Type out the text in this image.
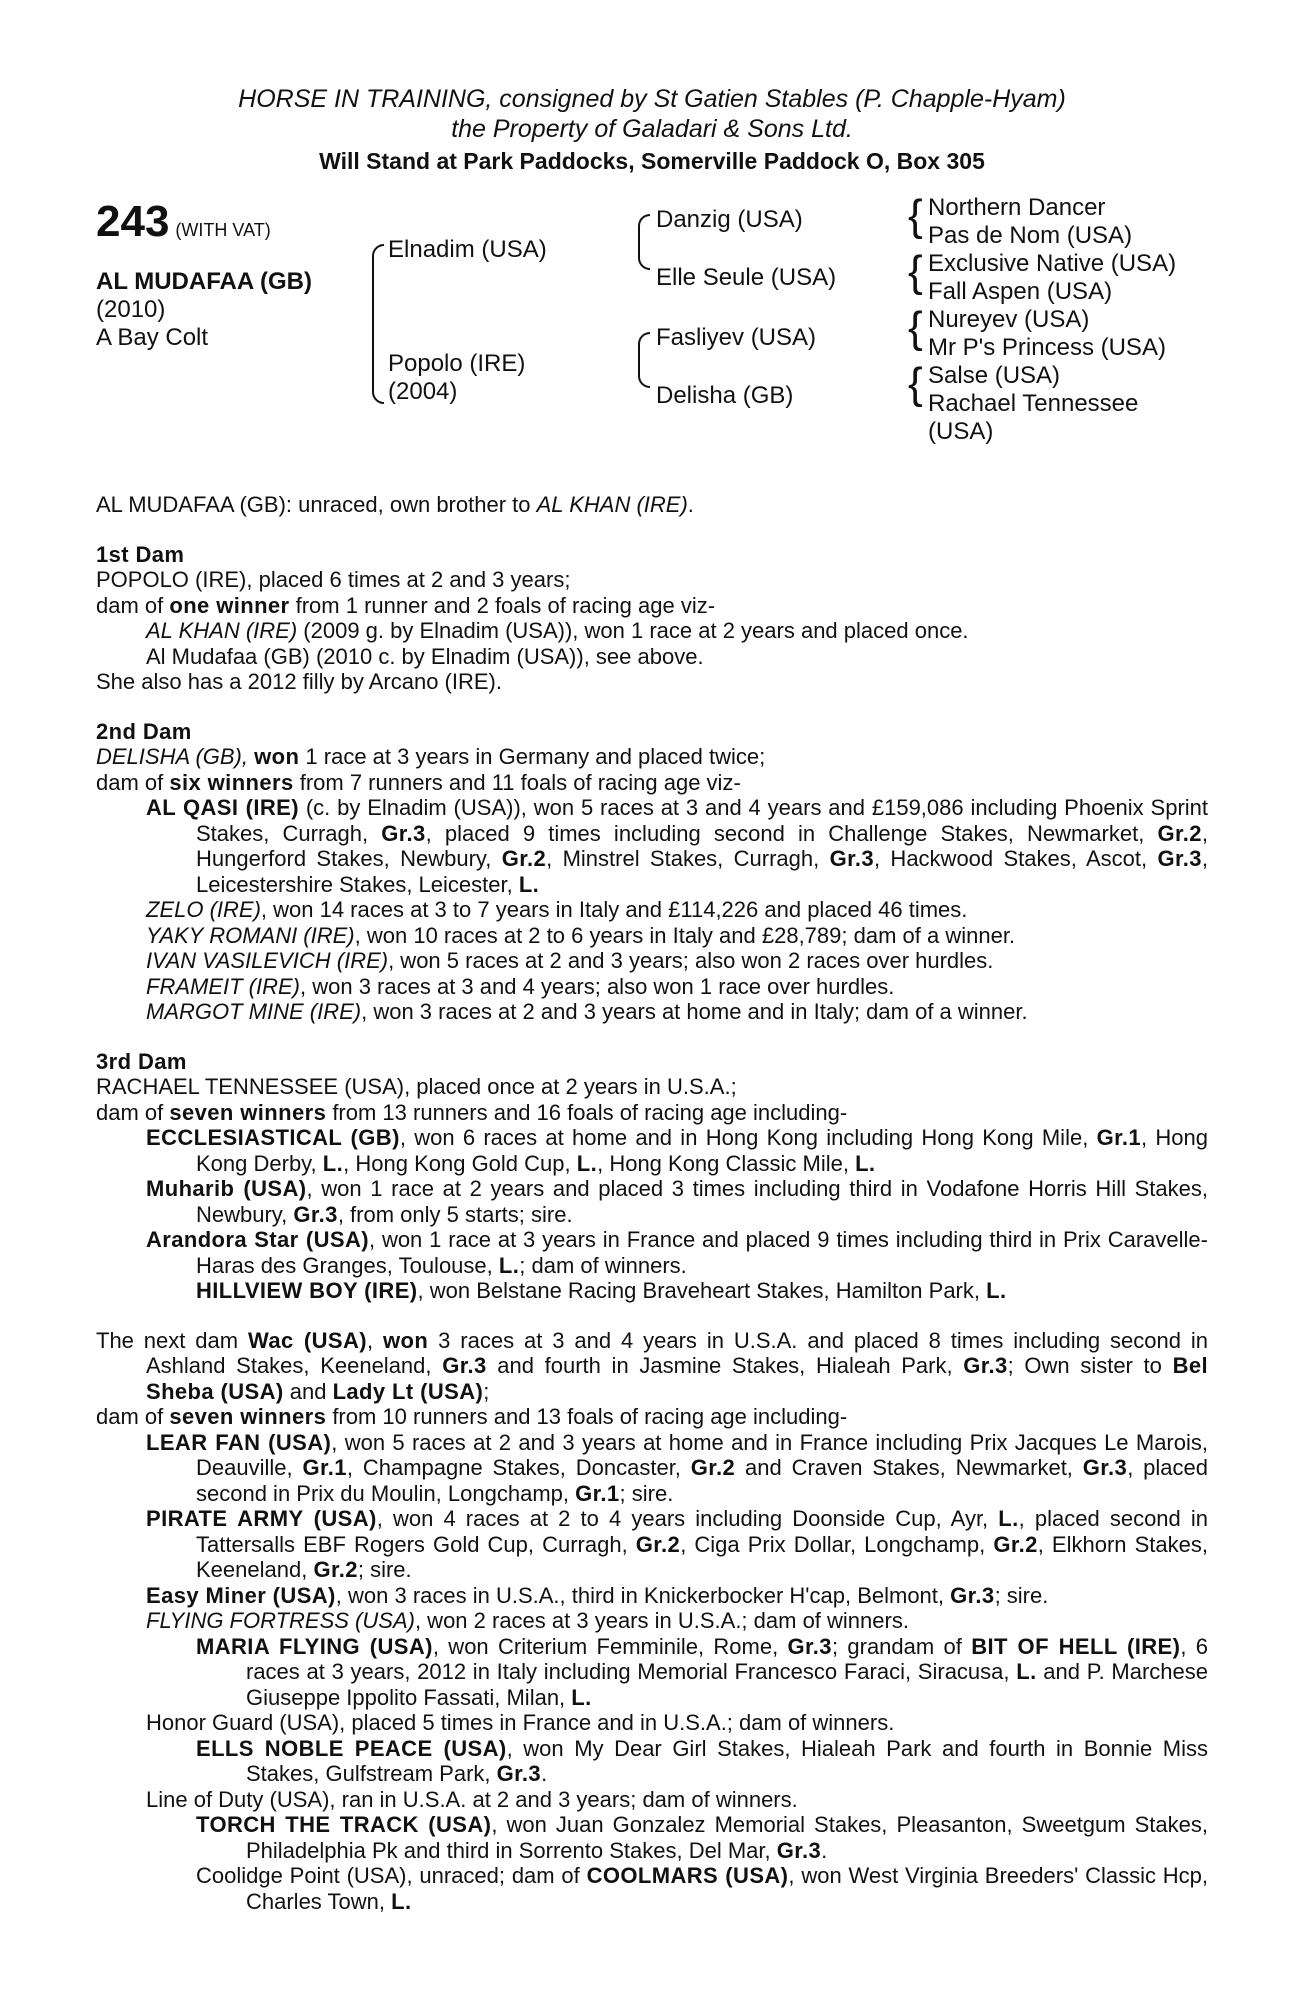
HORSE IN TRAINING, consigned by St Gatien Stables (P. Chapple-Hyam)
the Property of Galadari & Sons Ltd.
Will Stand at Park Paddocks, Somerville Paddock O, Box 305
243 (WITH VAT)
AL MUDAFAA (GB)
(2010)
A Bay Colt
Elnadim (USA)
Popolo (IRE)
(2004)
Danzig (USA)
Elle Seule (USA)
Fasliyev (USA)
Delisha (GB)
{
{
{
{
Northern Dancer
Pas de Nom (USA)
Exclusive Native (USA)
Fall Aspen (USA)
Nureyev (USA)
Mr P's Princess (USA)
Salse (USA)
Rachael Tennessee
(USA)

AL MUDAFAA (GB): unraced, own brother to AL KHAN (IRE).

1st Dam

POPOLO (IRE), placed 6 times at 2 and 3 years;

dam of one winner from 1 runner and 2 foals of racing age viz-

AL KHAN (IRE) (2009 g. by Elnadim (USA)), won 1 race at 2 years and placed once.

Al Mudafaa (GB) (2010 c. by Elnadim (USA)), see above.

She also has a 2012 filly by Arcano (IRE).

2nd Dam

DELISHA (GB), won 1 race at 3 years in Germany and placed twice;

dam of six winners from 7 runners and 11 foals of racing age viz-

AL QASI (IRE) (c. by Elnadim (USA)), won 5 races at 3 and 4 years and £159,086 including Phoenix Sprint Stakes, Curragh, Gr.3, placed 9 times including second in Challenge Stakes, Newmarket, Gr.2, Hungerford Stakes, Newbury, Gr.2, Minstrel Stakes, Curragh, Gr.3, Hackwood Stakes, Ascot, Gr.3, Leicestershire Stakes, Leicester, L.

ZELO (IRE), won 14 races at 3 to 7 years in Italy and £114,226 and placed 46 times.

YAKY ROMANI (IRE), won 10 races at 2 to 6 years in Italy and £28,789; dam of a winner.

IVAN VASILEVICH (IRE), won 5 races at 2 and 3 years; also won 2 races over hurdles.

FRAMEIT (IRE), won 3 races at 3 and 4 years; also won 1 race over hurdles.

MARGOT MINE (IRE), won 3 races at 2 and 3 years at home and in Italy; dam of a winner.

3rd Dam

RACHAEL TENNESSEE (USA), placed once at 2 years in U.S.A.;

dam of seven winners from 13 runners and 16 foals of racing age including-

ECCLESIASTICAL (GB), won 6 races at home and in Hong Kong including Hong Kong Mile, Gr.1, Hong Kong Derby, L., Hong Kong Gold Cup, L., Hong Kong Classic Mile, L.

Muharib (USA), won 1 race at 2 years and placed 3 times including third in Vodafone Horris Hill Stakes, Newbury, Gr.3, from only 5 starts; sire.

Arandora Star (USA), won 1 race at 3 years in France and placed 9 times including third in Prix Caravelle-Haras des Granges, Toulouse, L.; dam of winners.

HILLVIEW BOY (IRE), won Belstane Racing Braveheart Stakes, Hamilton Park, L.

The next dam Wac (USA), won 3 races at 3 and 4 years in U.S.A. and placed 8 times including second in Ashland Stakes, Keeneland, Gr.3 and fourth in Jasmine Stakes, Hialeah Park, Gr.3; Own sister to Bel Sheba (USA) and Lady Lt (USA);

dam of seven winners from 10 runners and 13 foals of racing age including-

LEAR FAN (USA), won 5 races at 2 and 3 years at home and in France including Prix Jacques Le Marois, Deauville, Gr.1, Champagne Stakes, Doncaster, Gr.2 and Craven Stakes, Newmarket, Gr.3, placed second in Prix du Moulin, Longchamp, Gr.1; sire.

PIRATE ARMY (USA), won 4 races at 2 to 4 years including Doonside Cup, Ayr, L., placed second in Tattersalls EBF Rogers Gold Cup, Curragh, Gr.2, Ciga Prix Dollar, Longchamp, Gr.2, Elkhorn Stakes, Keeneland, Gr.2; sire.

Easy Miner (USA), won 3 races in U.S.A., third in Knickerbocker H'cap, Belmont, Gr.3; sire.

FLYING FORTRESS (USA), won 2 races at 3 years in U.S.A.; dam of winners.

MARIA FLYING (USA), won Criterium Femminile, Rome, Gr.3; grandam of BIT OF HELL (IRE), 6 races at 3 years, 2012 in Italy including Memorial Francesco Faraci, Siracusa, L. and P. Marchese Giuseppe Ippolito Fassati, Milan, L.

Honor Guard (USA), placed 5 times in France and in U.S.A.; dam of winners.

ELLS NOBLE PEACE (USA), won My Dear Girl Stakes, Hialeah Park and fourth in Bonnie Miss Stakes, Gulfstream Park, Gr.3.

Line of Duty (USA), ran in U.S.A. at 2 and 3 years; dam of winners.

TORCH THE TRACK (USA), won Juan Gonzalez Memorial Stakes, Pleasanton, Sweetgum Stakes, Philadelphia Pk and third in Sorrento Stakes, Del Mar, Gr.3.

Coolidge Point (USA), unraced; dam of COOLMARS (USA), won West Virginia Breeders' Classic Hcp, Charles Town, L.
